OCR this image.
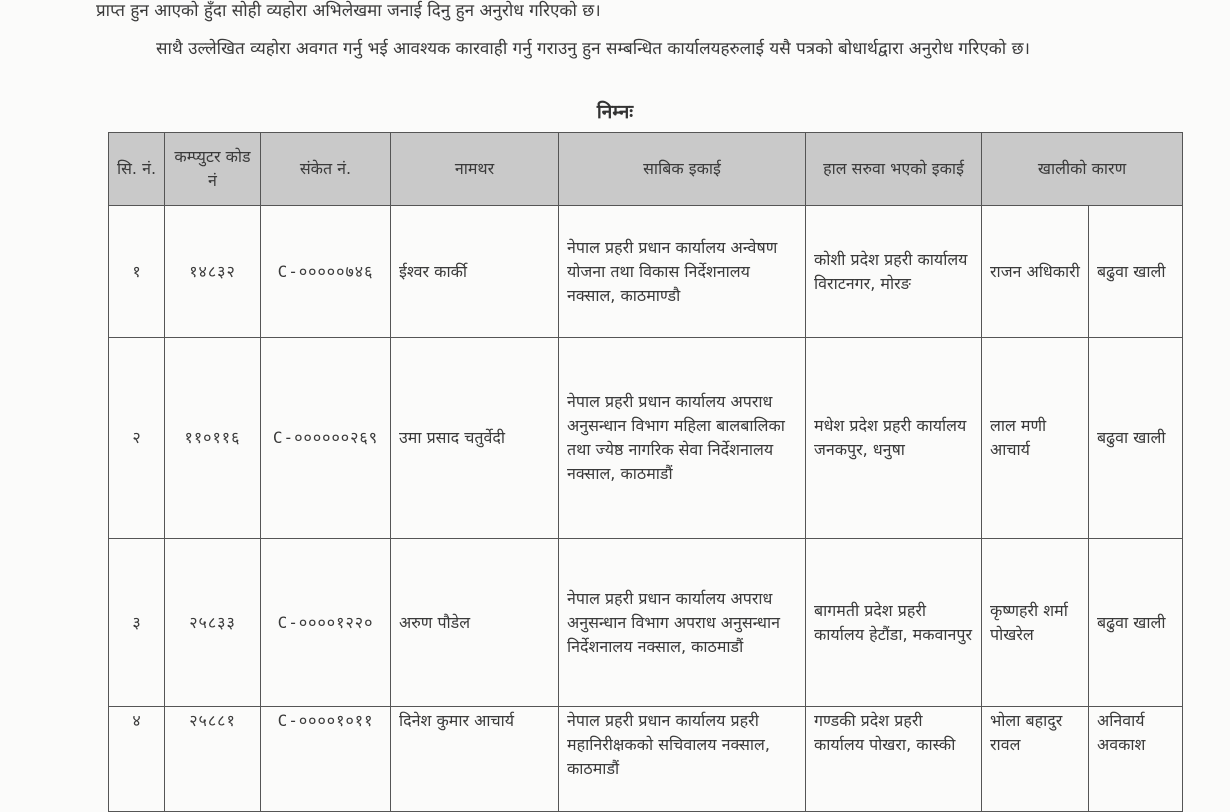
प्राप्त हुन आएको हुँदा सोही व्यहोरा अभिलेखमा जनाई दिनु हुन अनुरोध गरिएको छ।

साथै उल्लेखित व्यहोरा अवगत गर्नु भई आवश्यक कारवाही गर्नु गराउनु हुन सम्बन्धित कार्यालयहरुलाई यसै पत्रको बोधार्थद्वारा अनुरोध गरिएको छ।

निम्नः
सि. नं.	कम्प्युटर कोड नं	संकेत नं.	नामथर	साबिक इकाई	हाल सरुवा भएको इकाई	खालीको कारण	
१	१४८३२	C-०००००७४६	ईश्वर कार्की	नेपाल प्रहरी प्रधान कार्यालय अन्वेषण योजना तथा विकास निर्देशनालय नक्साल, काठमाण्डौ	कोशी प्रदेश प्रहरी कार्यालय विराटनगर, मोरङ	राजन अधिकारी	बढुवा खाली
२	११०११६	C-००००००२६९	उमा प्रसाद चतुर्वेदी	नेपाल प्रहरी प्रधान कार्यालय अपराध अनुसन्धान विभाग महिला बालबालिका तथा ज्येष्ठ नागरिक सेवा निर्देशनालय नक्साल, काठमाडौं	मधेश प्रदेश प्रहरी कार्यालय जनकपुर, धनुषा	लाल मणी आचार्य	बढुवा खाली
३	२५८३३	C-००००१२२०	अरुण पौडेल	नेपाल प्रहरी प्रधान कार्यालय अपराध अनुसन्धान विभाग अपराध अनुसन्धान निर्देशनालय नक्साल, काठमाडौं	बागमती प्रदेश प्रहरी कार्यालय हेटौंडा, मकवानपुर	कृष्णहरी शर्मा पोखरेल	बढुवा खाली
४	२५८८१	C-००००१०११	दिनेश कुमार आचार्य	नेपाल प्रहरी प्रधान कार्यालय प्रहरी महानिरीक्षकको सचिवालय नक्साल, काठमाडौं	गण्डकी प्रदेश प्रहरी कार्यालय पोखरा, कास्की	भोला बहादुर रावल	अनिवार्य अवकाश
